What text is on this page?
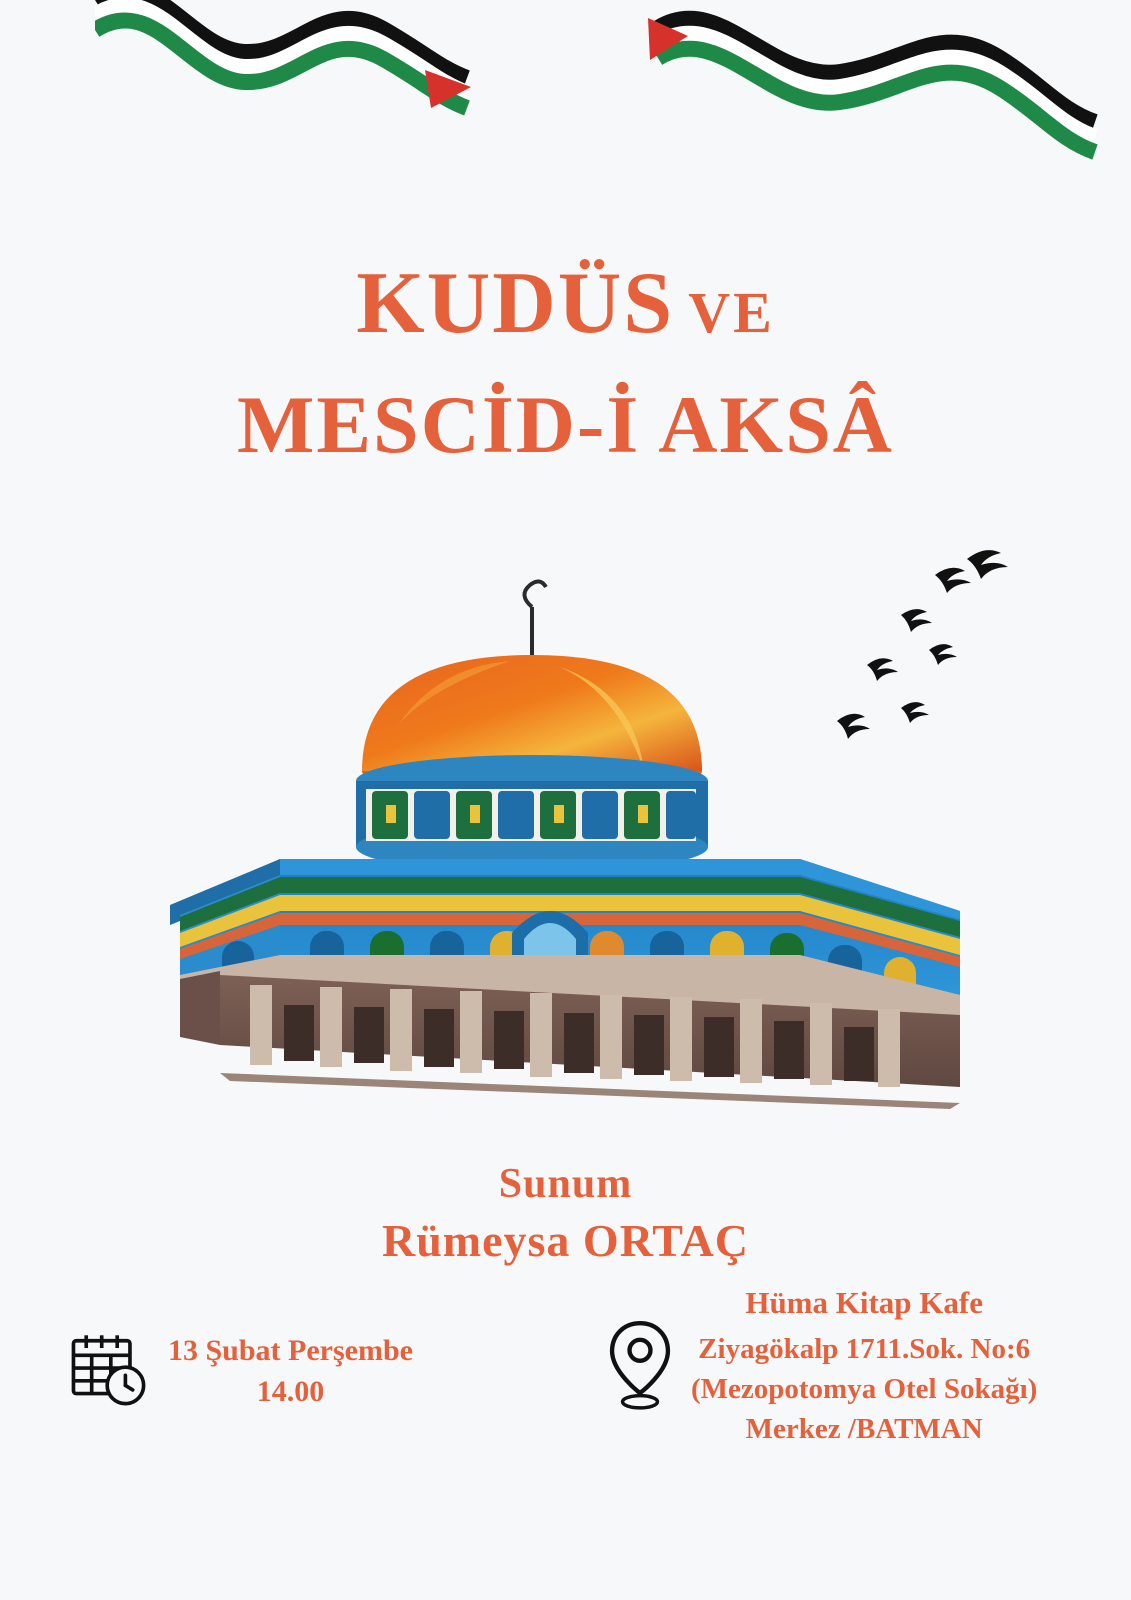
KUDÜS VE
MESCİD-İ AKSÂ
Sunum
Rümeysa ORTAÇ
13 Şubat Perşembe
14.00
Hüma Kitap Kafe
Ziyagökalp 1711.Sok. No:6
(Mezopotomya Otel Sokağı)
Merkez /BATMAN
